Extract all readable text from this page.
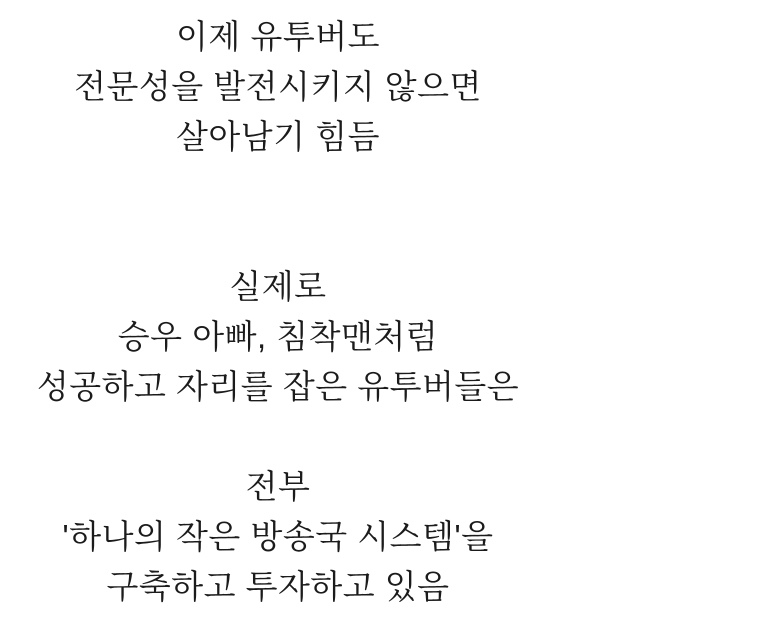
이제 유투버도
전문성을 발전시키지 않으면
살아남기 힘듬
실제로
승우 아빠, 침착맨처럼
성공하고 자리를 잡은 유투버들은
전부
'하나의 작은 방송국 시스템'을
구축하고 투자하고 있음
